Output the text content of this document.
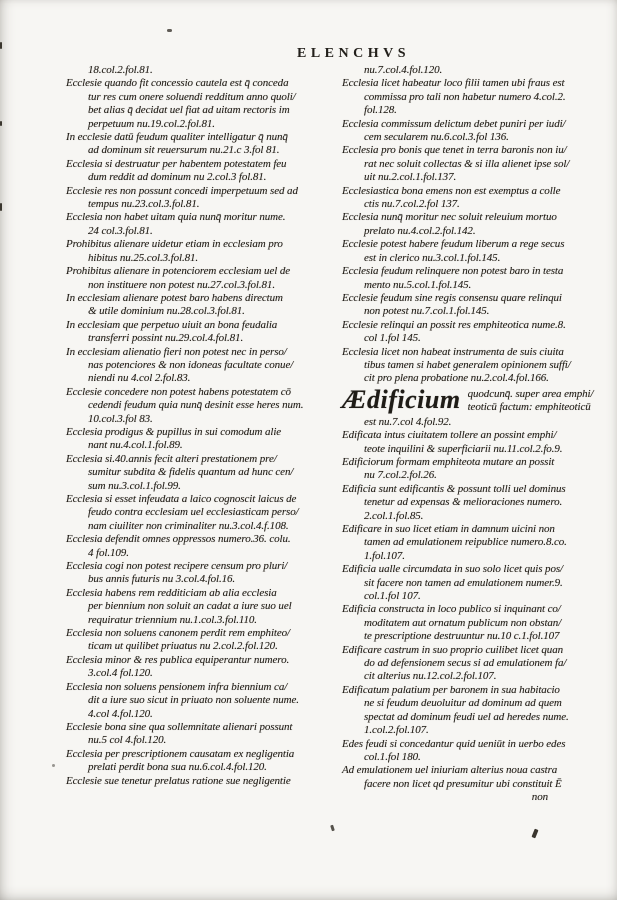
ELENCHVS
18.col.2.fol.81.
Ecclesie quando fit concessio cautela est q̄ conceda
tur res cum onere soluendi redditum anno quoli/
bet alias q̄ decidat uel fiat ad uitam rectoris im
perpetuum nu.19.col.2.fol.81.
In ecclesie datū feudum qualiter intelligatur q̄ nunq̄
ad dominum sit reuersurum nu.21.c 3.fol 81.
Ecclesia si destruatur per habentem potestatem feu
dum reddit ad dominum nu 2.col.3 fol.81.
Ecclesie res non possunt concedi imperpetuum sed ad
tempus nu.23.col.3.fol.81.
Ecclesia non habet uitam quia nunq̄ moritur nume.
24 col.3.fol.81.
Prohibitus alienare uidetur etiam in ecclesiam pro
hibitus nu.25.col.3.fol.81.
Prohibitus alienare in potenciorem ecclesiam uel de
non instituere non potest nu.27.col.3.fol.81.
In ecclesiam alienare potest baro habens directum
& utile dominium nu.28.col.3.fol.81.
In ecclesiam que perpetuo uiuit an bona feudalia
transferri possint nu.29.col.4.fol.81.
In ecclesiam alienatio fieri non potest nec in perso/
nas potenciores & non idoneas facultate conue/
niendi nu 4.col 2.fol.83.
Ecclesie concedere non potest habens potestatem cō
cedendi feudum quia nunq̄ desinit esse heres num.
10.col.3.fol 83.
Ecclesia prodigus & pupillus in sui comodum alie
nant nu.4.col.1.fol.89.
Ecclesia si.40.annis fecit alteri prestationem pre/
sumitur subdita & fidelis quantum ad hunc cen/
sum nu.3.col.1.fol.99.
Ecclesia si esset infeudata a laico cognoscit laicus de
feudo contra ecclesiam uel ecclesiasticam perso/
nam ciuiliter non criminaliter nu.3.col.4.f.108.
Ecclesia defendit omnes oppressos numero.36. colu.
4 fol.109.
Ecclesia cogi non potest recipere censum pro pluri/
bus annis futuris nu 3.col.4.fol.16.
Ecclesia habens rem redditiciam ab alia ecclesia
per biennium non soluit an cadat a iure suo uel
requiratur triennium nu.1.col.3.fol.110.
Ecclesia non soluens canonem perdit rem emphiteo/
ticam ut quilibet priuatus nu 2.col.2.fol.120.
Ecclesia minor & res publica equiperantur numero.
3.col.4 fol.120.
Ecclesia non soluens pensionem infra biennium ca/
dit a iure suo sicut in priuato non soluente nume.
4.col 4.fol.120.
Ecclesie bona sine qua sollemnitate alienari possunt
nu.5 col 4.fol.120.
Ecclesia per prescriptionem causatam ex negligentia
prelati perdit bona sua nu.6.col.4.fol.120.
Ecclesie sue tenetur prelatus ratione sue negligentie
nu.7.col.4.fol.120.
Ecclesia licet habeatur loco filii tamen ubi fraus est
commissa pro tali non habetur numero 4.col.2.
fol.128.
Ecclesia commissum delictum debet puniri per iudi/
cem secularem nu.6.col.3.fol 136.
Ecclesia pro bonis que tenet in terra baronis non iu/
rat nec soluit collectas & si illa alienet ipse sol/
uit nu.2.col.1.fol.137.
Ecclesiastica bona emens non est exemptus a colle
ctis nu.7.col.2.fol 137.
Ecclesia nunq̄ moritur nec soluit releuium mortuo
prelato nu.4.col.2.fol.142.
Ecclesie potest habere feudum liberum a rege secus
est in clerico nu.3.col.1.fol.145.
Ecclesia feudum relinquere non potest baro in testa
mento nu.5.col.1.fol.145.
Ecclesie feudum sine regis consensu quare relinqui
non potest nu.7.col.1.fol.145.
Ecclesie relinqui an possit res emphiteotica nume.8.
col 1.fol 145.
Ecclesia licet non habeat instrumenta de suis ciuita
tibus tamen si habet generalem opinionem suffi/
cit pro plena probatione nu.2.col.4.fol.166.
Ædificium quodcunq̄. super area emphi/
teoticū factum: emphiteoticū
est nu.7.col 4.fol.92.
Edificata intus ciuitatem tollere an possint emphi/
teote inquilini & superficiarii nu.11.col.2.fo.9.
Edificiorum formam emphiteota mutare an possit
nu 7.col.2.fol.26.
Edificia sunt edificantis & possunt tolli uel dominus
tenetur ad expensas & melioraciones numero.
2.col.1.fol.85.
Edificare in suo licet etiam in damnum uicini non
tamen ad emulationem reipublice numero.8.co.
1.fol.107.
Edificia ualle circumdata in suo solo licet quis pos/
sit facere non tamen ad emulationem numer.9.
col.1.fol 107.
Edificia constructa in loco publico si inquinant co/
moditatem aut ornatum publicum non obstan/
te prescriptione destruuntur nu.10 c.1.fol.107
Edificare castrum in suo proprio cuilibet licet quan
do ad defensionem secus si ad emulationem fa/
cit alterius nu.12.col.2.fol.107.
Edificatum palatium per baronem in sua habitacio
ne si feudum deuoluitur ad dominum ad quem
spectat ad dominum feudi uel ad heredes nume.
1.col.2.fol.107.
Edes feudi si concedantur quid ueniūt in uerbo edes
col.1.fol 180.
Ad emulationem uel iniuriam alterius noua castra
facere non licet qd presumitur ubi constituit Ē
non
